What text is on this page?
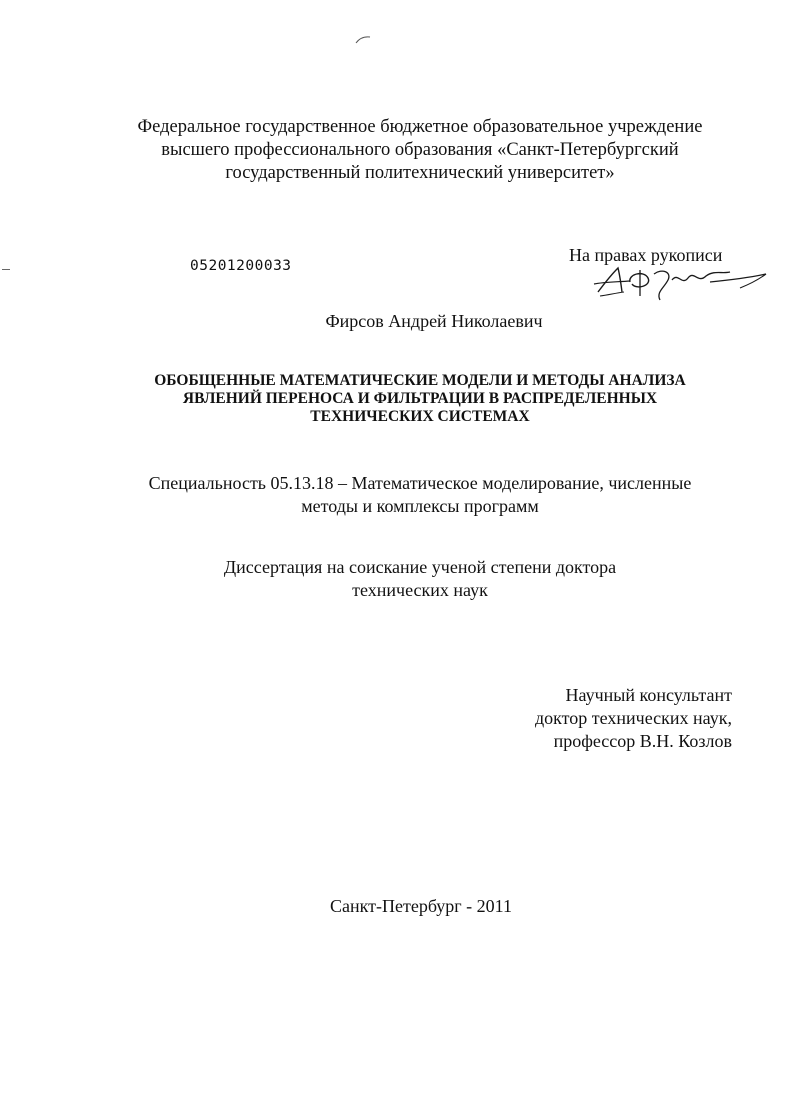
Федеральное государственное бюджетное образовательное учреждение
высшего профессионального образования «Санкт-Петербургский
государственный политехнический университет»
05201200033
На правах рукописи
Фирсов Андрей Николаевич
ОБОБЩЕННЫЕ МАТЕМАТИЧЕСКИЕ МОДЕЛИ И МЕТОДЫ АНАЛИЗА
ЯВЛЕНИЙ ПЕРЕНОСА И ФИЛЬТРАЦИИ В РАСПРЕДЕЛЕННЫХ
ТЕХНИЧЕСКИХ СИСТЕМАХ
Специальность 05.13.18 – Математическое моделирование, численные
методы и комплексы программ
Диссертация на соискание ученой степени доктора
технических наук
Научный консультант
доктор технических наук,
профессор В.Н. Козлов
Санкт-Петербург - 2011
